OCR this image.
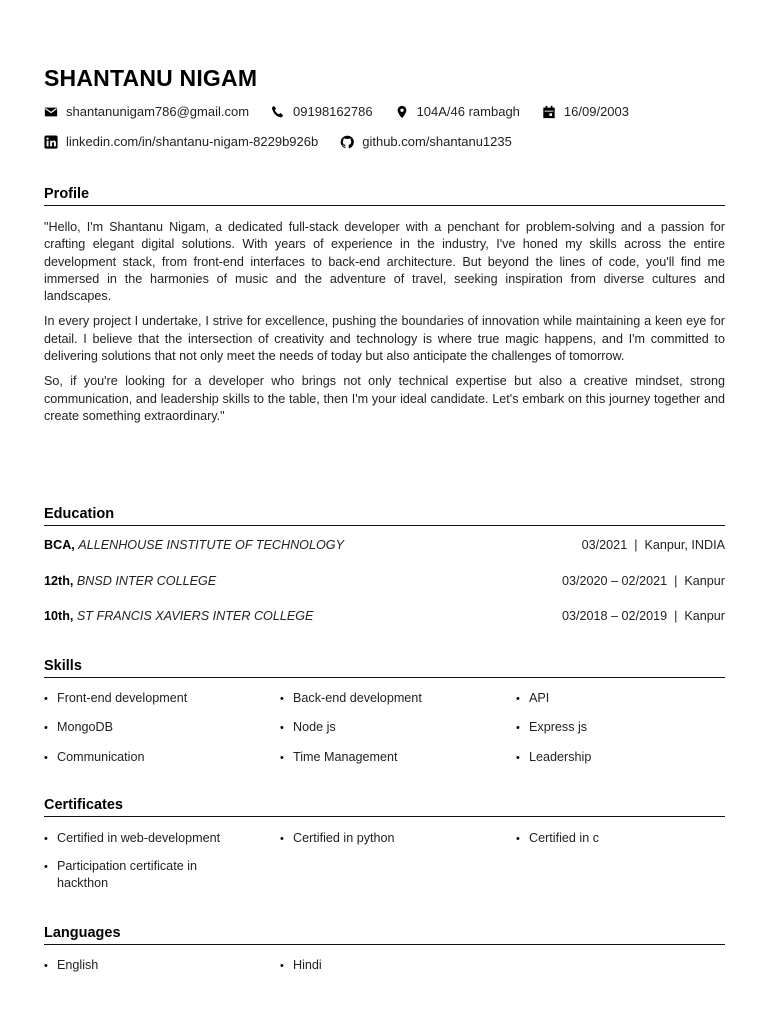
SHANTANU NIGAM
shantanunigam786@gmail.com	09198162786	104A/46 rambagh	16/09/2003
linkedin.com/in/shantanu-nigam-8229b926b	github.com/shantanu1235
Profile

"Hello, I'm Shantanu Nigam, a dedicated full-stack developer with a penchant for problem-solving and a passion for crafting elegant digital solutions. With years of experience in the industry, I've honed my skills across the entire development stack, from front-end interfaces to back-end architecture. But beyond the lines of code, you'll find me immersed in the harmonies of music and the adventure of travel, seeking inspiration from diverse cultures and landscapes.

In every project I undertake, I strive for excellence, pushing the boundaries of innovation while maintaining a keen eye for detail. I believe that the intersection of creativity and technology is where true magic happens, and I'm committed to delivering solutions that not only meet the needs of today but also anticipate the challenges of tomorrow.

So, if you're looking for a developer who brings not only technical expertise but also a creative mindset, strong communication, and leadership skills to the table, then I'm your ideal candidate. Let's embark on this journey together and create something extraordinary."

Education
BCA, ALLENHOUSE INSTITUTE OF TECHNOLOGY	03/2021 | Kanpur, INDIA
12th, BNSD INTER COLLEGE	03/2020 – 02/2021 | Kanpur
10th, ST FRANCIS XAVIERS INTER COLLEGE	03/2018 – 02/2019 | Kanpur
Skills
• Front-end development	• Back-end development	• API
• MongoDB	• Node js	• Express js
• Communication	• Time Management	• Leadership
Certificates
• Certified in web-development	• Certified in python	• Certified in c
• Participation certificate in hackthon
Languages
• English	• Hindi
